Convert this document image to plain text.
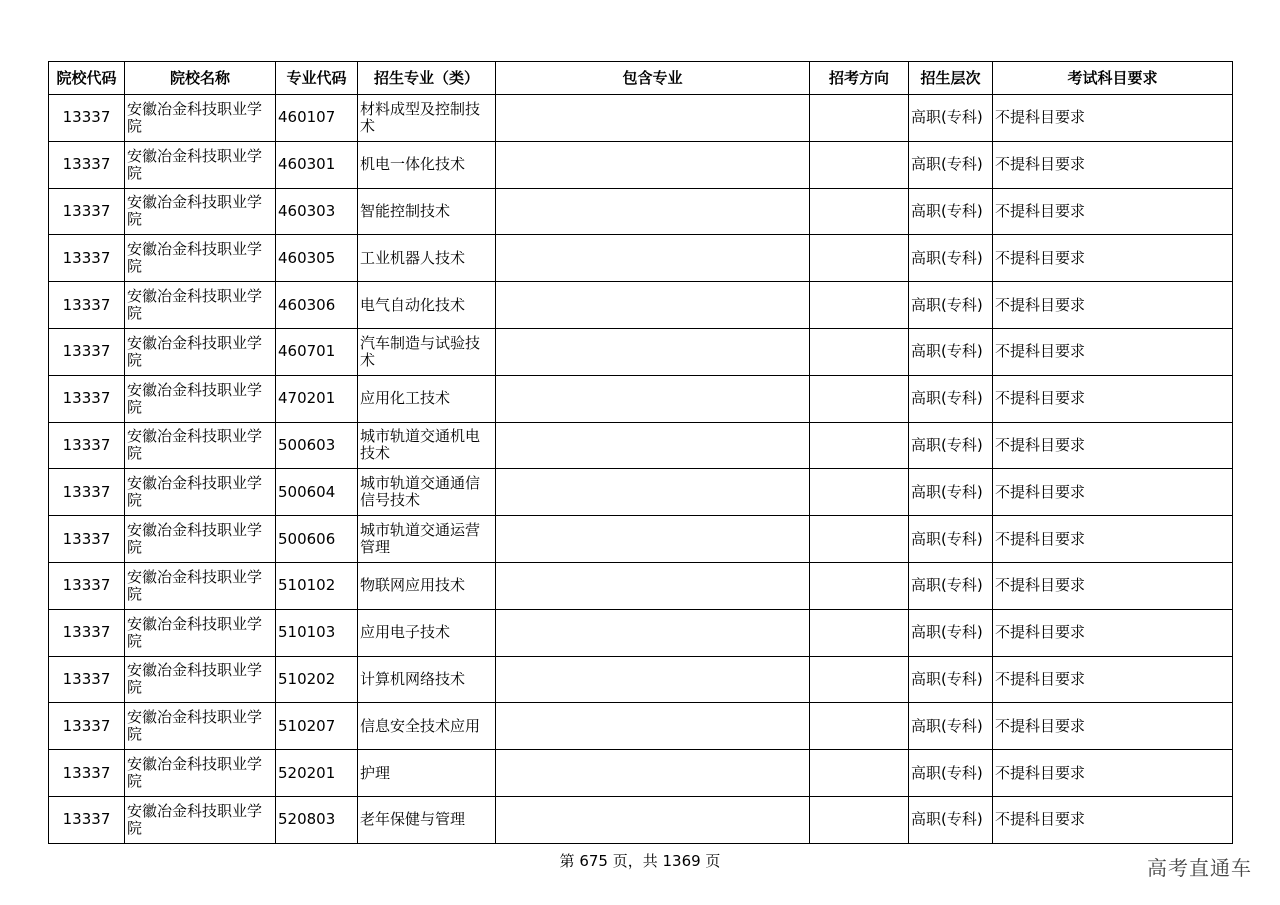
院校代码	院校名称	专业代码	招生专业（类）	包含专业	招考方向	招生层次	考试科目要求
13337	安徽冶金科技职业学院	460107	材料成型及控制技术			高职(专科)	不提科目要求
13337	安徽冶金科技职业学院	460301	机电一体化技术			高职(专科)	不提科目要求
13337	安徽冶金科技职业学院	460303	智能控制技术			高职(专科)	不提科目要求
13337	安徽冶金科技职业学院	460305	工业机器人技术			高职(专科)	不提科目要求
13337	安徽冶金科技职业学院	460306	电气自动化技术			高职(专科)	不提科目要求
13337	安徽冶金科技职业学院	460701	汽车制造与试验技术			高职(专科)	不提科目要求
13337	安徽冶金科技职业学院	470201	应用化工技术			高职(专科)	不提科目要求
13337	安徽冶金科技职业学院	500603	城市轨道交通机电技术			高职(专科)	不提科目要求
13337	安徽冶金科技职业学院	500604	城市轨道交通通信信号技术			高职(专科)	不提科目要求
13337	安徽冶金科技职业学院	500606	城市轨道交通运营管理			高职(专科)	不提科目要求
13337	安徽冶金科技职业学院	510102	物联网应用技术			高职(专科)	不提科目要求
13337	安徽冶金科技职业学院	510103	应用电子技术			高职(专科)	不提科目要求
13337	安徽冶金科技职业学院	510202	计算机网络技术			高职(专科)	不提科目要求
13337	安徽冶金科技职业学院	510207	信息安全技术应用			高职(专科)	不提科目要求
13337	安徽冶金科技职业学院	520201	护理			高职(专科)	不提科目要求
13337	安徽冶金科技职业学院	520803	老年保健与管理			高职(专科)	不提科目要求
第 675 页，共 1369 页	高考直通车
